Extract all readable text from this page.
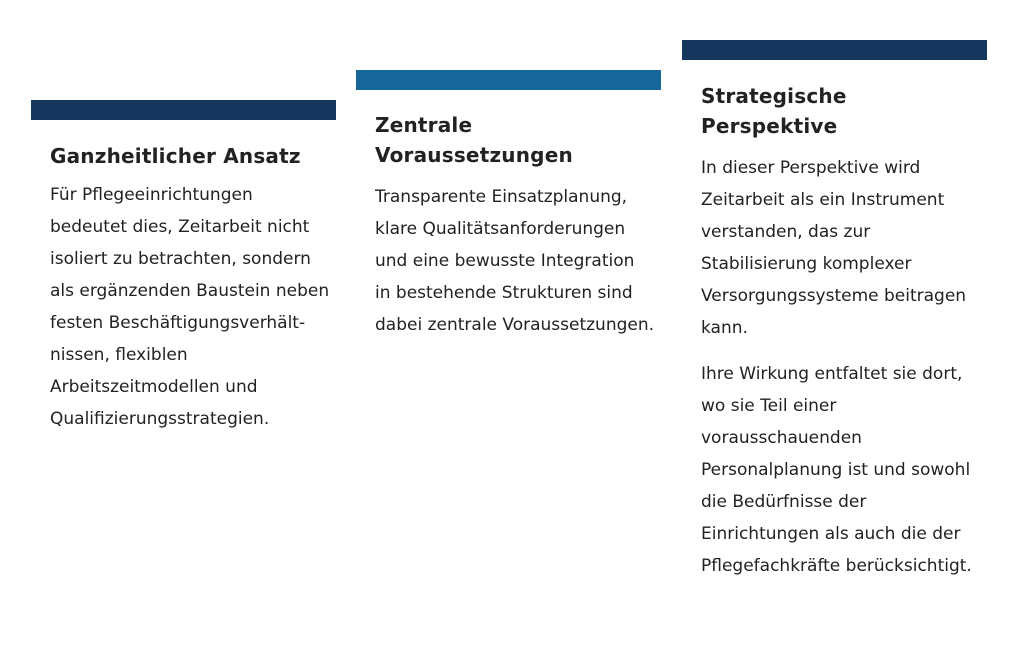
Ganzheitlicher Ansatz

Für Pflegeeinrichtungen bedeutet dies, Zeitarbeit nicht isoliert zu betrachten, sondern als ergänzenden Baustein neben festen Beschäftigungsverhält-nissen, flexiblen Arbeitszeitmodellen und Qualifizierungsstrategien.

Zentrale Voraussetzungen

Transparente Einsatzplanung, klare Qualitätsanforderungen und eine bewusste Integration in bestehende Strukturen sind dabei zentrale Voraussetzungen.

Strategische Perspektive

In dieser Perspektive wird Zeitarbeit als ein Instrument verstanden, das zur Stabilisierung komplexer Versorgungssysteme beitragen kann.

Ihre Wirkung entfaltet sie dort, wo sie Teil einer vorausschauenden Personalplanung ist und sowohl die Bedürfnisse der Einrichtungen als auch die der Pflegefachkräfte berücksichtigt.
